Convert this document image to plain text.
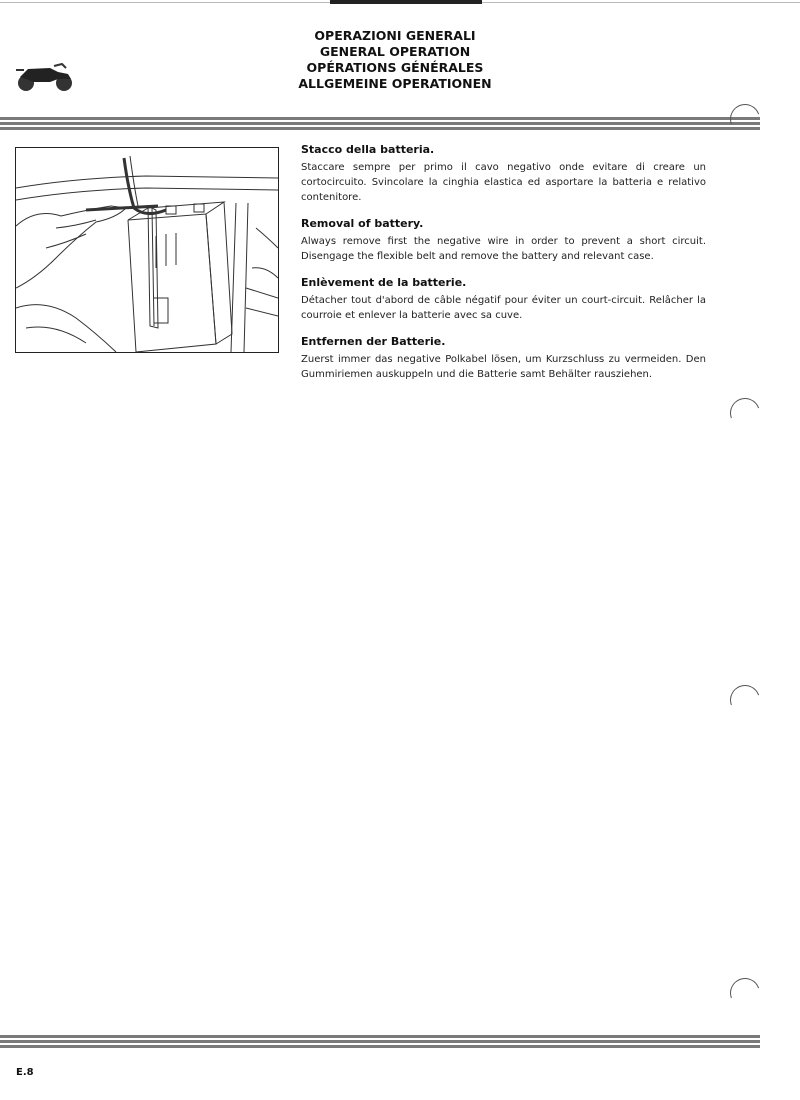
OPERAZIONI GENERALI
GENERAL OPERATION
OPÉRATIONS GÉNÉRALES
ALLGEMEINE OPERATIONEN
Stacco della batteria.

Staccare sempre per primo il cavo negativo onde evitare di creare un cortocircuito. Svincolare la cinghia elastica ed asportare la batteria e relativo contenitore.

Removal of battery.

Always remove first the negative wire in order to prevent a short circuit. Disengage the flexible belt and remove the battery and relevant case.

Enlèvement de la batterie.

Détacher tout d'abord de câble négatif pour éviter un court-circuit. Relâcher la courroie et enlever la batterie avec sa cuve.

Entfernen der Batterie.

Zuerst immer das negative Polkabel lösen, um Kurzschluss zu vermeiden. Den Gummiriemen auskuppeln und die Batterie samt Behälter rausziehen.

E.8
